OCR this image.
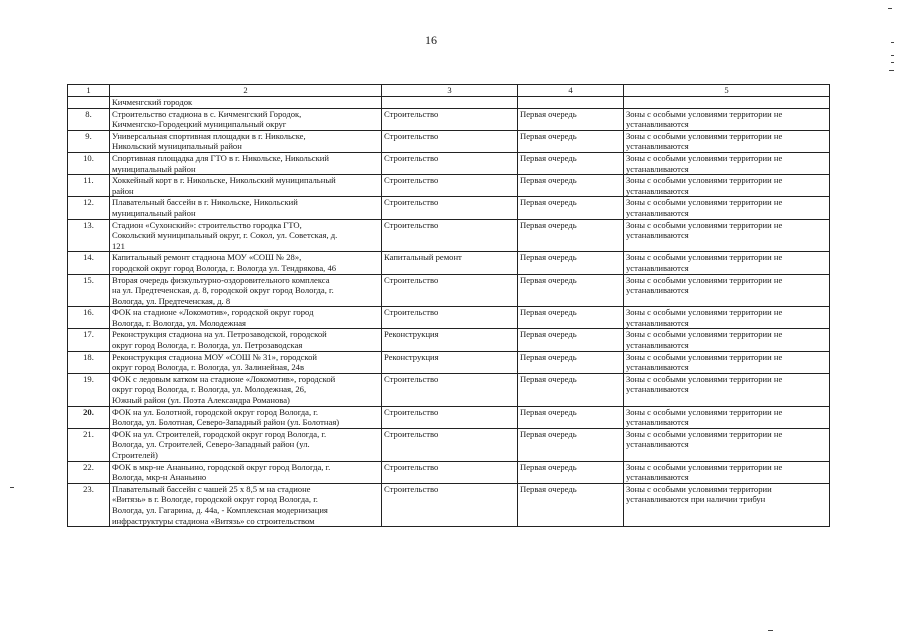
16
1	2	3	4	5
	Кичменгский городок			
8.	Строительство стадиона в с. Кичменгский Городок,
Кичменгско-Городецкий муниципальный округ	Строительство	Первая очередь	Зоны с особыми условиями территории не
устанавливаются
9.	Универсальная спортивная площадки в г. Никольске,
Никольский муниципальный район	Строительство	Первая очередь	Зоны с особыми условиями территории не
устанавливаются
10.	Спортивная площадка для ГТО в г. Никольске, Никольский
муниципальный район	Строительство	Первая очередь	Зоны с особыми условиями территории не
устанавливаются
11.	Хоккейный корт в г. Никольске, Никольский муниципальный
район	Строительство	Первая очередь	Зоны с особыми условиями территории не
устанавливаются
12.	Плавательный бассейн в г. Никольске, Никольский
муниципальный район	Строительство	Первая очередь	Зоны с особыми условиями территории не
устанавливаются
13.	Стадион «Сухонский»: строительство городка ГТО,
Сокольский муниципальный округ, г. Сокол, ул. Советская, д.
121	Строительство	Первая очередь	Зоны с особыми условиями территории не
устанавливаются
14.	Капитальный ремонт стадиона МОУ «СОШ № 28»,
городской округ город Вологда, г. Вологда ул. Тендрякова, 46	Капитальный ремонт	Первая очередь	Зоны с особыми условиями территории не
устанавливаются
15.	Вторая очередь физкультурно-оздоровительного комплекса
на ул. Предтеченская, д. 8, городской округ город Вологда, г.
Вологда, ул. Предтеченская, д. 8	Строительство	Первая очередь	Зоны с особыми условиями территории не
устанавливаются
16.	ФОК на стадионе «Локомотив», городской округ город
Вологда, г. Вологда, ул. Молодежная	Строительство	Первая очередь	Зоны с особыми условиями территории не
устанавливаются
17.	Реконструкция стадиона на ул. Петрозаводской, городской
округ город Вологда, г. Вологда, ул. Петрозаводская	Реконструкция	Первая очередь	Зоны с особыми условиями территории не
устанавливаются
18.	Реконструкция стадиона МОУ «СОШ № 31», городской
округ город Вологда, г. Вологда, ул. Залинейная, 24в	Реконструкция	Первая очередь	Зоны с особыми условиями территории не
устанавливаются
19.	ФОК с ледовым катком на стадионе «Локомотив», городской
округ город Вологда, г. Вологда, ул. Молодежная, 26,
Южный район (ул. Поэта Александра Романова)	Строительство	Первая очередь	Зоны с особыми условиями территории не
устанавливаются
20.	ФОК на ул. Болотной, городской округ город Вологда, г.
Вологда, ул. Болотная, Северо-Западный район (ул. Болотная)	Строительство	Первая очередь	Зоны с особыми условиями территории не
устанавливаются
21.	ФОК на ул. Строителей, городской округ город Вологда, г.
Вологда, ул. Строителей, Северо-Западный район (ул.
Строителей)	Строительство	Первая очередь	Зоны с особыми условиями территории не
устанавливаются
22.	ФОК в мкр-не Ананьино, городской округ город Вологда, г.
Вологда, мкр-н Ананьино	Строительство	Первая очередь	Зоны с особыми условиями территории не
устанавливаются
23.	Плавательный бассейн с чашей 25 х 8,5 м на стадионе
«Витязь» в г. Вологде, городской округ город Вологда, г.
Вологда, ул. Гагарина, д. 44а, - Комплексная модернизация
инфраструктуры стадиона «Витязь» со строительством	Строительство	Первая очередь	Зоны с особыми условиями территории
устанавливаются при наличии трибун
